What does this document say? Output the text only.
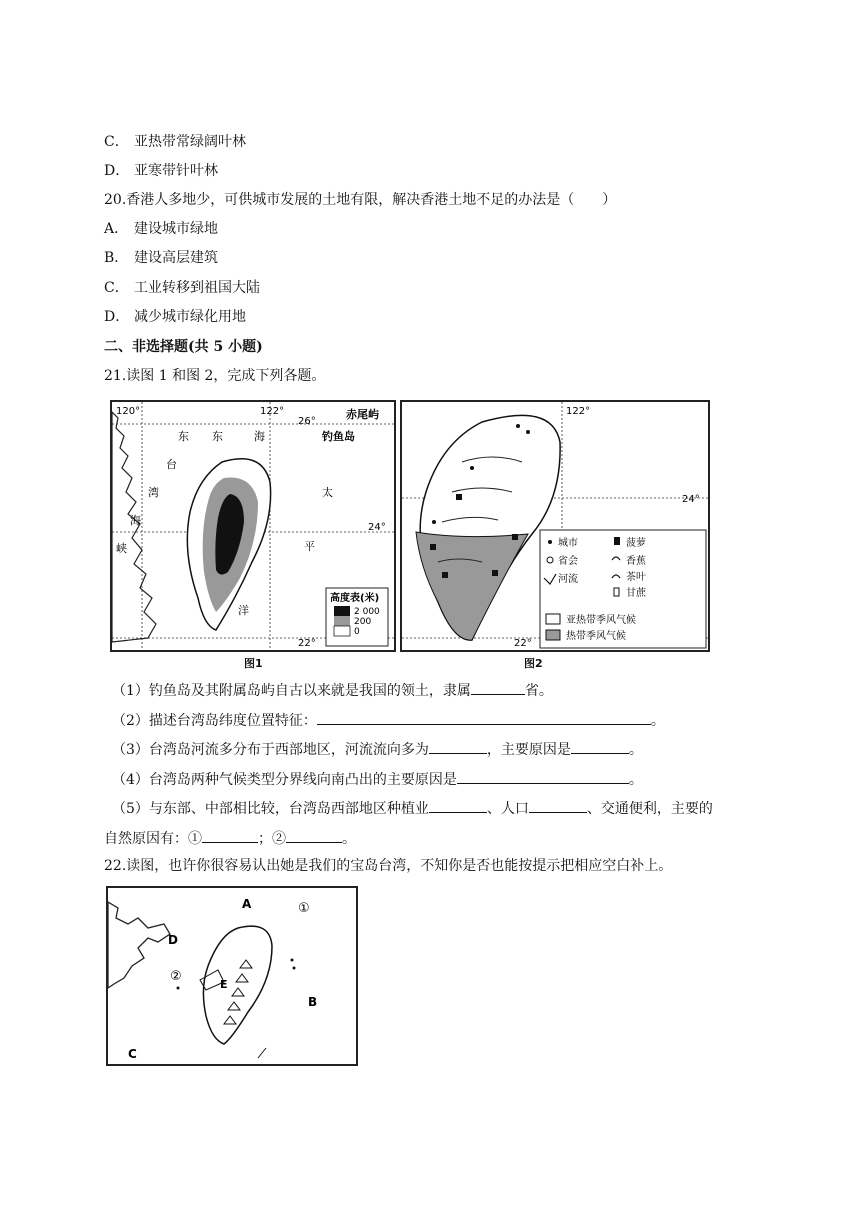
C． 亚热带常绿阔叶林
D． 亚寒带针叶林
20.香港人多地少，可供城市发展的土地有限，解决香港土地不足的办法是（　　）
A． 建设城市绿地
B． 建设高层建筑
C． 工业转移到祖国大陆
D． 减少城市绿化用地
二、非选择题(共 5 小题)
21.读图 1 和图 2，完成下列各题。
120°	122°
26°
24°
22°
赤尾屿
钓鱼岛
东 东	海
台
湾
海
峡
太
平
洋
高度表(米)
2 000
200
0
图1
122°
24°
22°
城市	菠萝
省会	香蕉
河流	茶叶
甘蔗
亚热带季风气候
热带季风气候
图2
（1）钓鱼岛及其附属岛屿自古以来就是我国的领土，隶属	省。
（2）描述台湾岛纬度位置特征：	。
（3）台湾岛河流多分布于西部地区，河流流向多为	，主要原因是	。
（4）台湾岛两种气候类型分界线向南凸出的主要原因是	。
（5）与东部、中部相比较，台湾岛西部地区种植业	、人口	、交通便利，主要的
自然原因有：①	；②	。
22.读图，也许你很容易认出她是我们的宝岛台湾，不知你是否也能按提示把相应空白补上。
A
B
C
D
E
①
②
